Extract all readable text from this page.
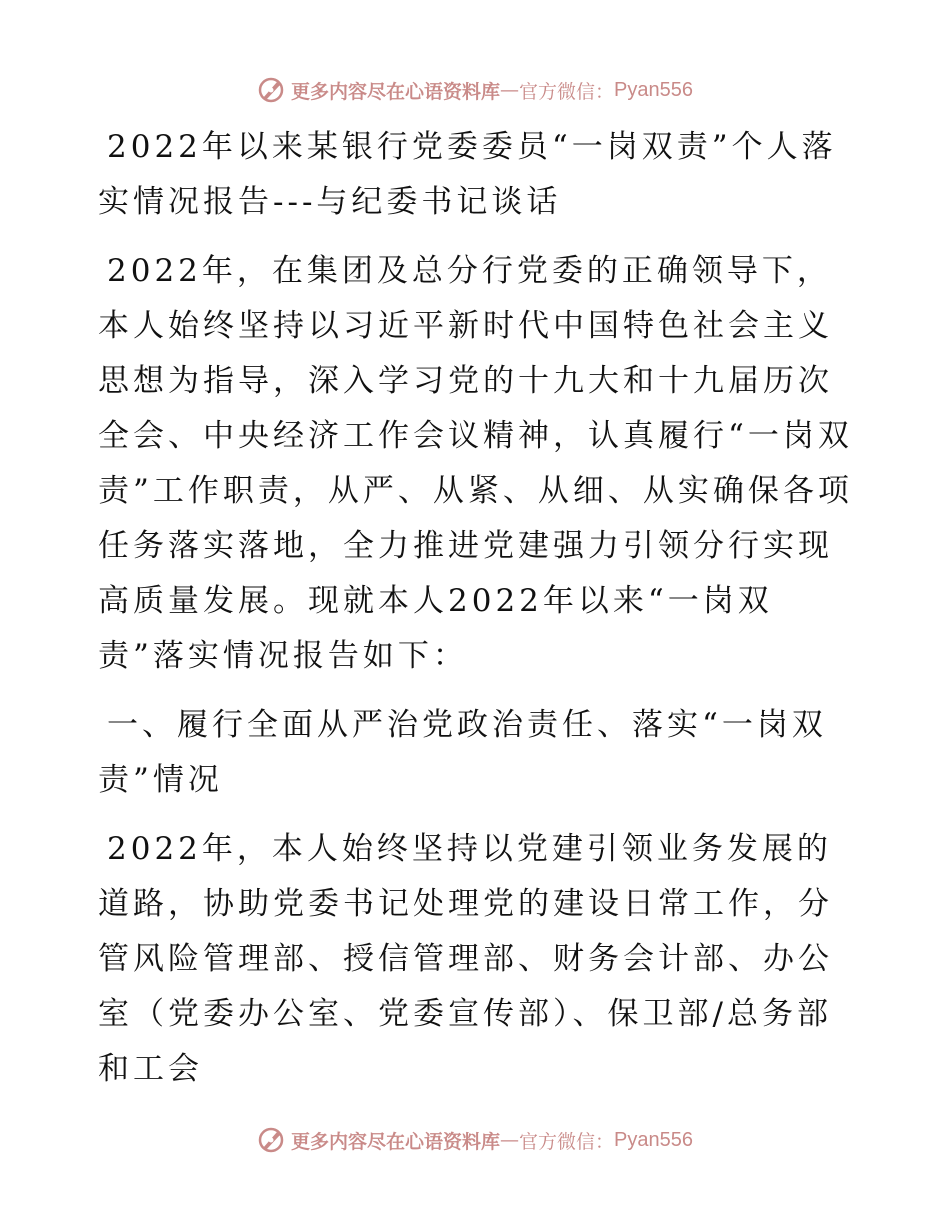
更多内容尽在心语资料库 — 官方微信： Pyan556

2022年以来某银行党委委员“一岗双责”个人落实情况报告---与纪委书记谈话

2022年，在集团及总分行党委的正确领导下，本人始终坚持以习近平新时代中国特色社会主义思想为指导，深入学习党的十九大和十九届历次全会、中央经济工作会议精神，认真履行“一岗双责”工作职责，从严、从紧、从细、从实确保各项任务落实落地，全力推进党建强力引领分行实现高质量发展。现就本人2022年以来“一岗双责”落实情况报告如下：

一、履行全面从严治党政治责任、落实“一岗双责”情况

2022年，本人始终坚持以党建引领业务发展的道路，协助党委书记处理党的建设日常工作，分管风险管理部、授信管理部、财务会计部、办公室（党委办公室、党委宣传部）、保卫部/总务部和工会

更多内容尽在心语资料库 — 官方微信： Pyan556
